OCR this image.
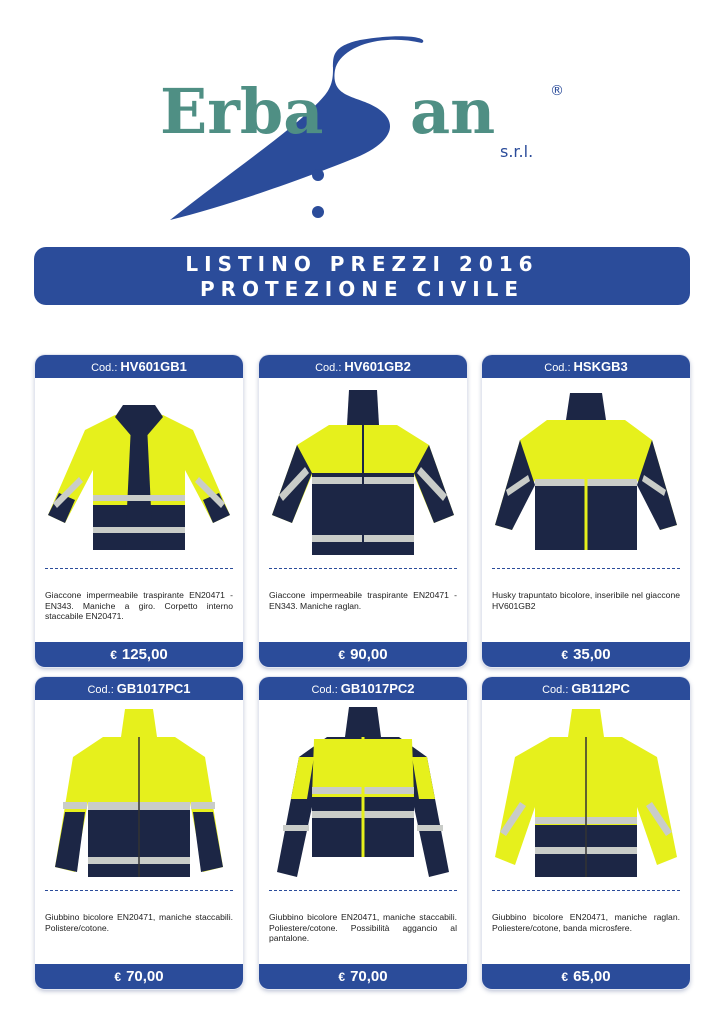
Erba an	®
s.r.l.
LISTINO PREZZI 2016
PROTEZIONE CIVILE
Cod.: HV601GB1
Giaccone impermeabile traspirante EN20471 - EN343. Maniche a giro. Corpetto interno staccabile EN20471.
€ 125,00
Cod.: HV601GB2
Giaccone impermeabile traspirante EN20471 - EN343. Maniche raglan.
€ 90,00
Cod.: HSKGB3
Husky trapuntato bicolore, inseribile nel giaccone HV601GB2
€ 35,00
Cod.: GB1017PC1
Giubbino bicolore EN20471, maniche staccabili. Polistere/cotone.
€ 70,00
Cod.: GB1017PC2
Giubbino bicolore EN20471, maniche staccabili. Poliestere/cotone. Possibilità aggancio al pantalone.
€ 70,00
Cod.: GB112PC
Giubbino bicolore EN20471, maniche raglan. Poliestere/cotone, banda microsfere.
€ 65,00
